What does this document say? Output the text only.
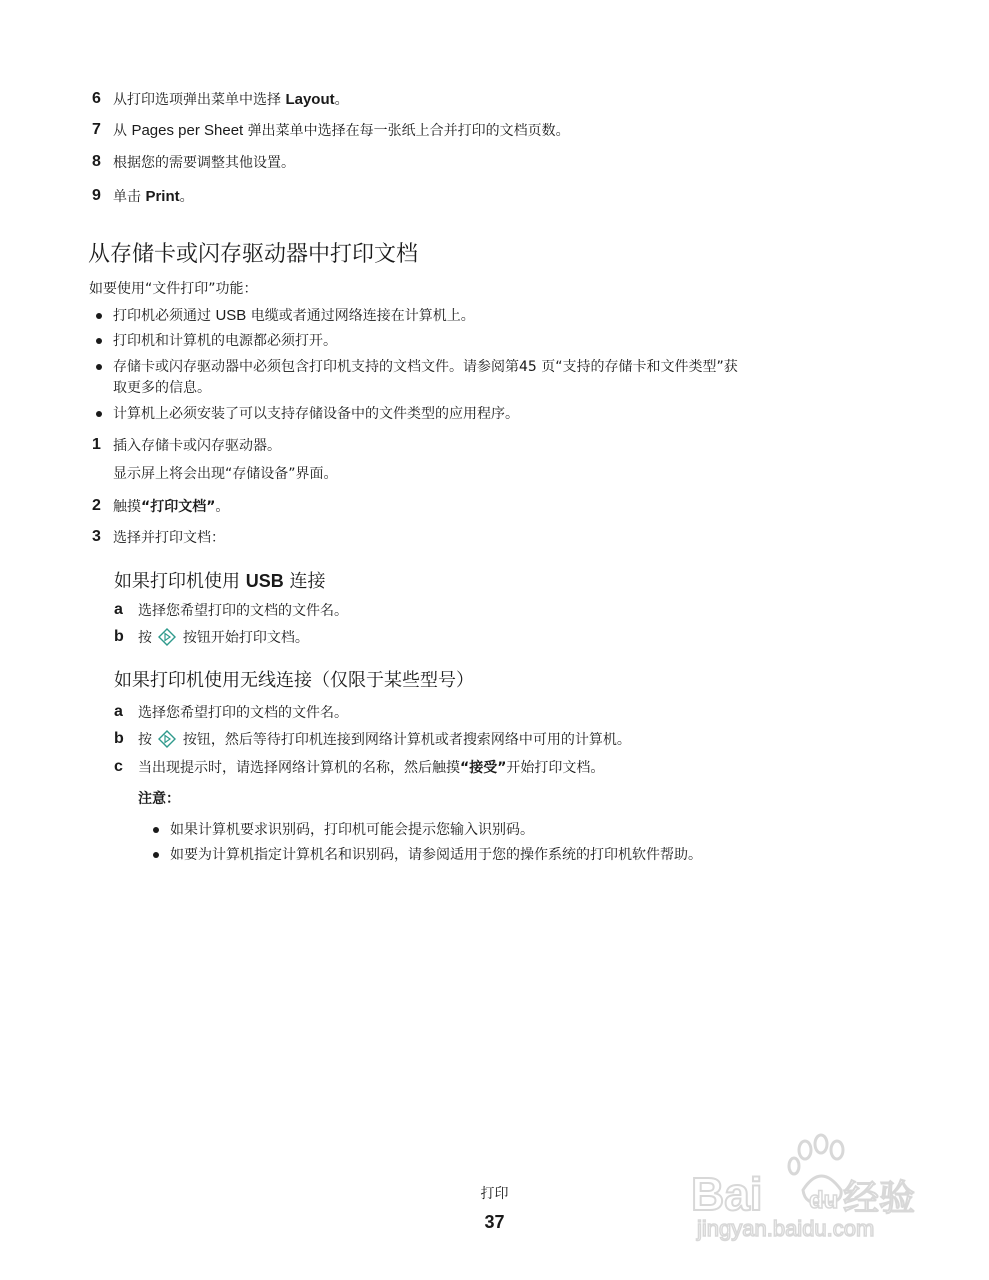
6 从打印选项弹出菜单中选择 Layout。
7 从 Pages per Sheet 弹出菜单中选择在每一张纸上合并打印的文档页数。
8 根据您的需要调整其他设置。
9 单击 Print。
从存储卡或闪存驱动器中打印文档
如要使用“文件打印”功能：
打印机必须通过 USB 电缆或者通过网络连接在计算机上。
打印机和计算机的电源都必须打开。
存储卡或闪存驱动器中必须包含打印机支持的文档文件。请参阅第45 页“支持的存储卡和文件类型”获
取更多的信息。
计算机上必须安装了可以支持存储设备中的文件类型的应用程序。
1 插入存储卡或闪存驱动器。
显示屏上将会出现“存储设备”界面。
2 触摸“打印文档”。
3 选择并打印文档：
如果打印机使用 USB 连接
a 选择您希望打印的文档的文件名。
b 按  按钮开始打印文档。
如果打印机使用无线连接（仅限于某些型号）
a 选择您希望打印的文档的文件名。
b 按  按钮，然后等待打印机连接到网络计算机或者搜索网络中可用的计算机。
c 当出现提示时，请选择网络计算机的名称，然后触摸“接受”开始打印文档。
注意：
如果计算机要求识别码，打印机可能会提示您输入识别码。
如要为计算机指定计算机名和识别码，请参阅适用于您的操作系统的打印机软件帮助。
打印
37
Bai du 经验
jingyan.baidu.com
